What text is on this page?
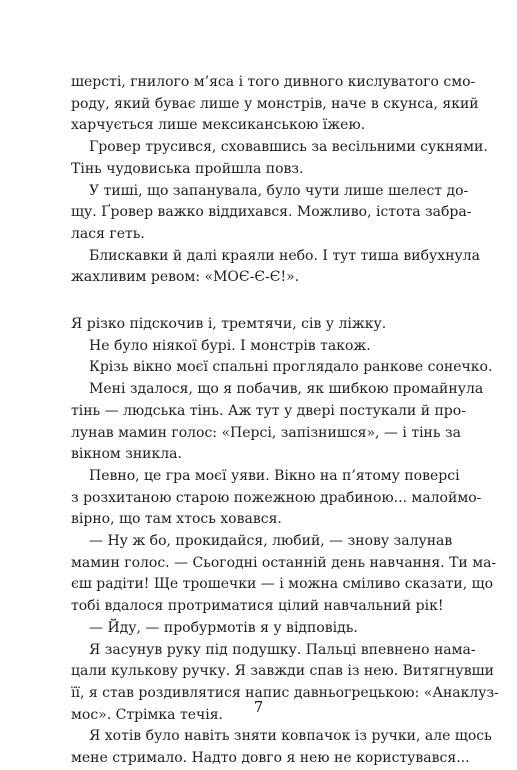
шерсті, гнилого м’яса і того дивного кислуватого смо-
роду, який буває лише у монстрів, наче в скунса, який
харчується лише мексиканською їжею.
Гровер трусився, сховавшись за весільними сукнями.
Тінь чудовиська пройшла повз.
У тиші, що запанувала, було чути лише шелест до-
щу. Ґровер важко віддихався. Можливо, істота забра-
лася геть.
Блискавки й далі краяли небо. І тут тиша вибухнула
жахливим ревом: «МОЄ-Є-Є!».
Я різко підскочив і, тремтячи, сів у ліжку.
Не було ніякої бурі. І монстрів також.
Крізь вікно моєї спальні проглядало ранкове сонечко.
Мені здалося, що я побачив, як шибкою промайнула
тінь — людська тінь. Аж тут у двері постукали й про-
лунав мамин голос: «Персі, запізнишся», — і тінь за
вікном зникла.
Певно, це гра моєї уяви. Вікно на п’ятому поверсі
з розхитаною старою пожежною драбиною... малоймо-
вірно, що там хтось ховався.
— Ну ж бо, прокидайся, любий, — знову залунав
мамин голос. — Сьогодні останній день навчання. Ти ма-
єш радіти! Ще трошечки — і можна сміливо сказати, що
тобі вдалося протриматися цілий навчальний рік!
— Йду, — пробурмотів я у відповідь.
Я засунув руку під подушку. Пальці впевнено нама-
цали кулькову ручку. Я завжди спав із нею. Витягнувши
її, я став роздивлятися напис давньогрецькою: «Анаклуз-
мос». Стрімка течія.
Я хотів було навіть зняти ковпачок із ручки, але щось
мене стримало. Надто довго я нею не користувався...
7
